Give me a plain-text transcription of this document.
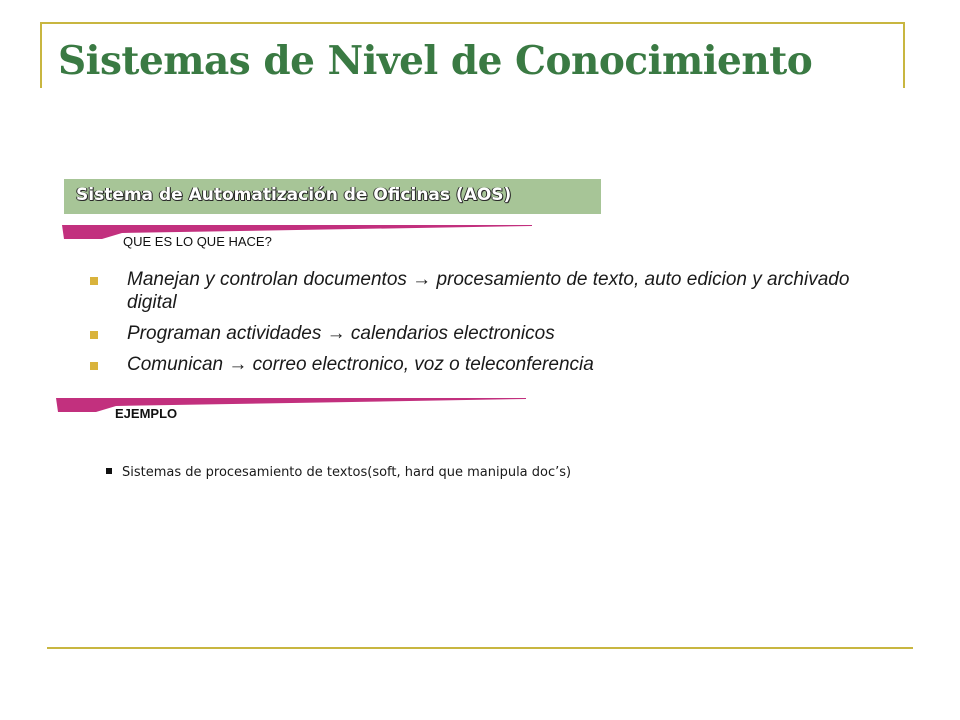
Sistemas de Nivel de Conocimiento
Sistema de Automatización de Oficinas (AOS)
QUE ES LO QUE HACE?
Manejan y controlan documentos → procesamiento de texto, auto edicion y archivado digital
Programan actividades → calendarios electronicos
Comunican → correo electronico, voz o teleconferencia
EJEMPLO
Sistemas de procesamiento de textos(soft, hard que manipula doc’s)
